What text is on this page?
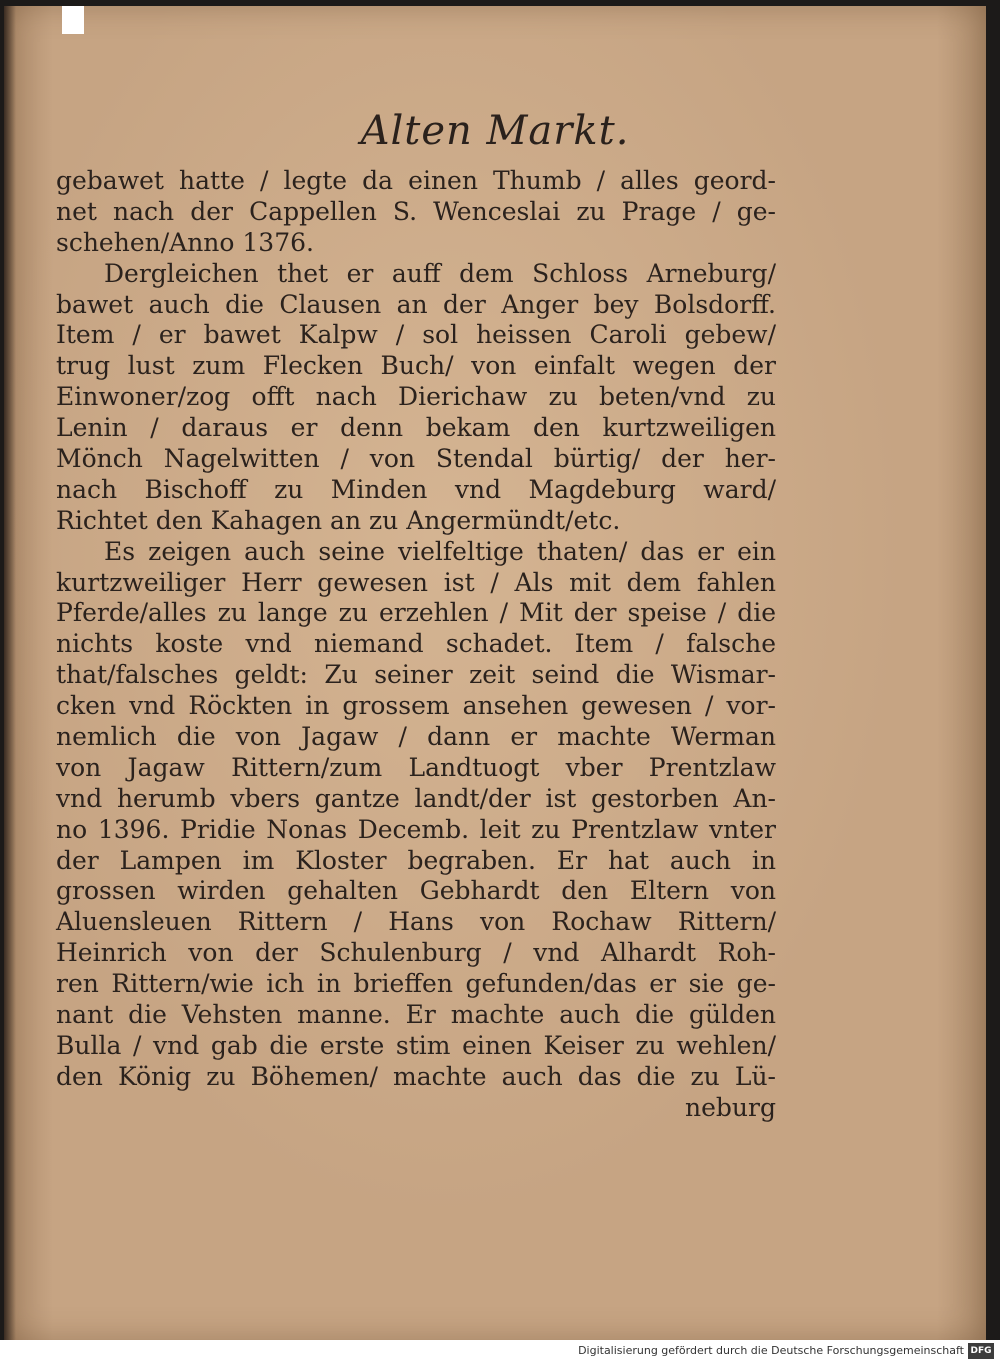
Alten Markt.
gebawet hatte / legte da einen Thumb / alles geord-
net nach der Cappellen S. Wenceslai zu Prage / ge-
schehen/Anno 1376.
Dergleichen thet er auff dem Schloss Arneburg/
bawet auch die Clausen an der Anger bey Bolsdorff.
Item / er bawet Kalpw / sol heissen Caroli gebew/
trug lust zum Flecken Buch/ von einfalt wegen der
Einwoner/zog offt nach Dierichaw zu beten/vnd zu
Lenin / daraus er denn bekam den kurtzweiligen
Mönch Nagelwitten / von Stendal bürtig/ der her-
nach Bischoff zu Minden vnd Magdeburg ward/
Richtet den Kahagen an zu Angermündt/etc.
Es zeigen auch seine vielfeltige thaten/ das er ein
kurtzweiliger Herr gewesen ist / Als mit dem fahlen
Pferde/alles zu lange zu erzehlen / Mit der speise / die
nichts koste vnd niemand schadet. Item / falsche
that/falsches geldt: Zu seiner zeit seind die Wismar-
cken vnd Röckten in grossem ansehen gewesen / vor-
nemlich die von Jagaw / dann er machte Werman
von Jagaw Rittern/zum Landtuogt vber Prentzlaw
vnd herumb vbers gantze landt/der ist gestorben An-
no 1396. Pridie Nonas Decemb. leit zu Prentzlaw vnter
der Lampen im Kloster begraben. Er hat auch in
grossen wirden gehalten Gebhardt den Eltern von
Aluensleuen Rittern / Hans von Rochaw Rittern/
Heinrich von der Schulenburg / vnd Alhardt Roh-
ren Rittern/wie ich in brieffen gefunden/das er sie ge-
nant die Vehsten manne. Er machte auch die gülden
Bulla / vnd gab die erste stim einen Keiser zu wehlen/
den König zu Böhemen/ machte auch das die zu Lü-
neburg
Digitalisierung gefördert durch die Deutsche Forschungsgemeinschaft DFG
